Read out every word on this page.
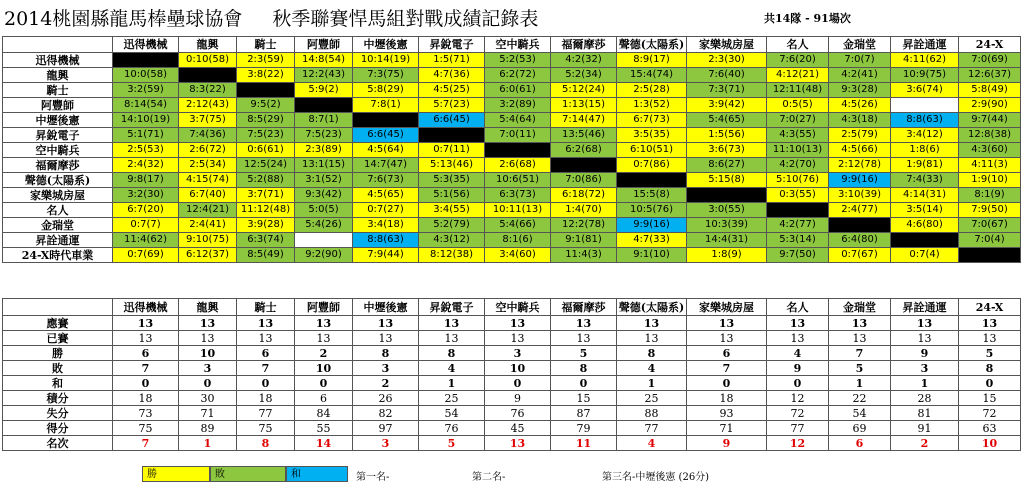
2014桃園縣龍馬棒壘球協會 秋季聯賽悍馬組對戰成績記錄表	共14隊 - 91場次
	迅得機械	龍興	騎士	阿豐師	中壢後憲	昇銳電子	空中騎兵	福爾摩莎	聲德(太陽系)	家樂城房屋	名人	金瑞堂	昇詮通運	24-X
迅得機械		0:10(58)	2:3(59)	14:8(54)	10:14(19)	1:5(71)	5:2(53)	4:2(32)	8:9(17)	2:3(30)	7:6(20)	7:0(7)	4:11(62)	7:0(69)
龍興	10:0(58)		3:8(22)	12:2(43)	7:3(75)	4:7(36)	6:2(72)	5:2(34)	15:4(74)	7:6(40)	4:12(21)	4:2(41)	10:9(75)	12:6(37)
騎士	3:2(59)	8:3(22)		5:9(2)	5:8(29)	4:5(25)	6:0(61)	5:12(24)	2:5(28)	7:3(71)	12:11(48)	9:3(28)	3:6(74)	5:8(49)
阿豐師	8:14(54)	2:12(43)	9:5(2)		7:8(1)	5:7(23)	3:2(89)	1:13(15)	1:3(52)	3:9(42)	0:5(5)	4:5(26)		2:9(90)
中壢後憲	14:10(19)	3:7(75)	8:5(29)	8:7(1)		6:6(45)	5:4(64)	7:14(47)	6:7(73)	5:4(65)	7:0(27)	4:3(18)	8:8(63)	9:7(44)
昇銳電子	5:1(71)	7:4(36)	7:5(23)	7:5(23)	6:6(45)		7:0(11)	13:5(46)	3:5(35)	1:5(56)	4:3(55)	2:5(79)	3:4(12)	12:8(38)
空中騎兵	2:5(53)	2:6(72)	0:6(61)	2:3(89)	4:5(64)	0:7(11)		6:2(68)	6:10(51)	3:6(73)	11:10(13)	4:5(66)	1:8(6)	4:3(60)
福爾摩莎	2:4(32)	2:5(34)	12:5(24)	13:1(15)	14:7(47)	5:13(46)	2:6(68)		0:7(86)	8:6(27)	4:2(70)	2:12(78)	1:9(81)	4:11(3)
聲德(太陽系)	9:8(17)	4:15(74)	5:2(88)	3:1(52)	7:6(73)	5:3(35)	10:6(51)	7:0(86)		5:15(8)	5:10(76)	9:9(16)	7:4(33)	1:9(10)
家樂城房屋	3:2(30)	6:7(40)	3:7(71)	9:3(42)	4:5(65)	5:1(56)	6:3(73)	6:18(72)	15:5(8)		0:3(55)	3:10(39)	4:14(31)	8:1(9)
名人	6:7(20)	12:4(21)	11:12(48)	5:0(5)	0:7(27)	3:4(55)	10:11(13)	1:4(70)	10:5(76)	3:0(55)		2:4(77)	3:5(14)	7:9(50)
金瑞堂	0:7(7)	2:4(41)	3:9(28)	5:4(26)	3:4(18)	5:2(79)	5:4(66)	12:2(78)	9:9(16)	10:3(39)	4:2(77)		4:6(80)	7:0(67)
昇詮通運	11:4(62)	9:10(75)	6:3(74)		8:8(63)	4:3(12)	8:1(6)	9:1(81)	4:7(33)	14:4(31)	5:3(14)	6:4(80)		7:0(4)
24-X時代車業	0:7(69)	6:12(37)	8:5(49)	9:2(90)	7:9(44)	8:12(38)	3:4(60)	11:4(3)	9:1(10)	1:8(9)	9:7(50)	0:7(67)	0:7(4)	
	迅得機械	龍興	騎士	阿豐師	中壢後憲	昇銳電子	空中騎兵	福爾摩莎	聲德(太陽系)	家樂城房屋	名人	金瑞堂	昇詮通運	24-X
應賽	13	13	13	13	13	13	13	13	13	13	13	13	13	13
已賽	13	13	13	13	13	13	13	13	13	13	13	13	13	13
勝	6	10	6	2	8	8	3	5	8	6	4	7	9	5
敗	7	3	7	10	3	4	10	8	4	7	9	5	3	8
和	0	0	0	0	2	1	0	0	1	0	0	1	1	0
積分	18	30	18	6	26	25	9	15	25	18	12	22	28	15
失分	73	71	77	84	82	54	76	87	88	93	72	54	81	72
得分	75	89	75	55	97	76	45	79	77	71	77	69	91	63
名次	7	1	8	14	3	5	13	11	4	9	12	6	2	10
勝	敗	和	第一名-	第二名-	第三名-中壢後憲 (26分)
